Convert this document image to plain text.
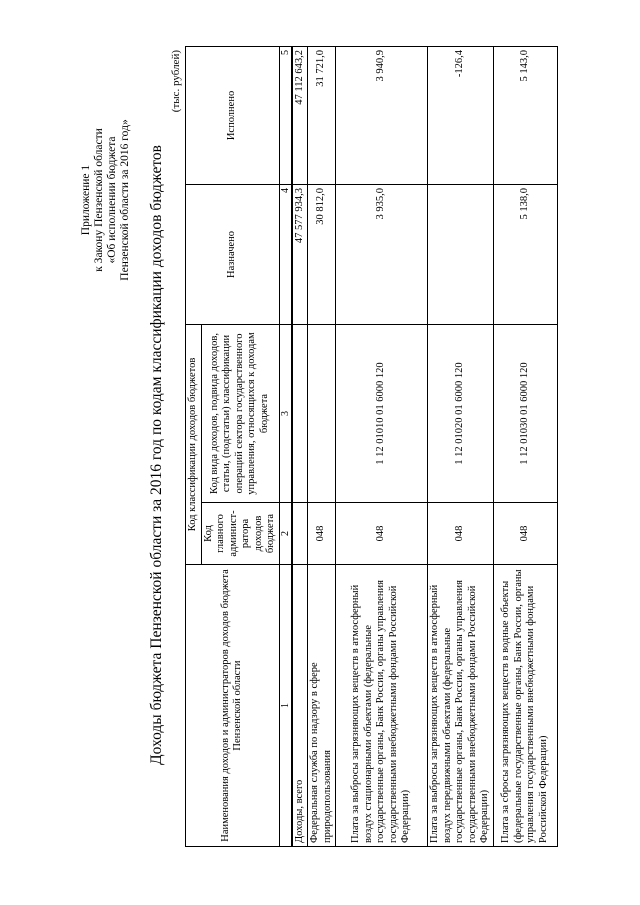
Приложение 1 к Закону Пензенской области «Об исполнении бюджета Пензенской области за 2016 год» Доходы бюджета Пензенской области за 2016 год по кодам классификации доходов бюджетов
(тыс. рублей)
Наименования доходов и администраторов доходов бюджета Пензенской области	Код классификации доходов бюджетов		Назначено	Исполнено
	Код главного админист-ратора доходов бюджета	Код вида доходов, подвида доходов, статьи, (подстатьи) классификации операций сектора государственного управления, относящихся к доходам бюджета		
1	2	3	4	5
Доходы, всего			47 577 934,3	47 112 643,2
Федеральная служба по надзору в сфере природопользования	048		30 812,0	31 721,0
Плата за выбросы загрязняющих веществ в атмосферный воздух стационарными объектами (федеральные государственные органы, Банк России, органы управления государственными внебюджетными фондами Российской Федерации)	048	1 12 01010 01 6000 120	3 935,0	3 940,9
Плата за выбросы загрязняющих веществ в атмосферный воздух передвижными объектами (федеральные государственные органы, Банк России, органы управления государственными внебюджетными фондами Российской Федерации)	048	1 12 01020 01 6000 120		-126,4
Плата за сбросы загрязняющих веществ в водные объекты (федеральные государственные органы, Банк России, органы управления государственными внебюджетными фондами Российской Федерации)	048	1 12 01030 01 6000 120	5 138,0	5 143,0
